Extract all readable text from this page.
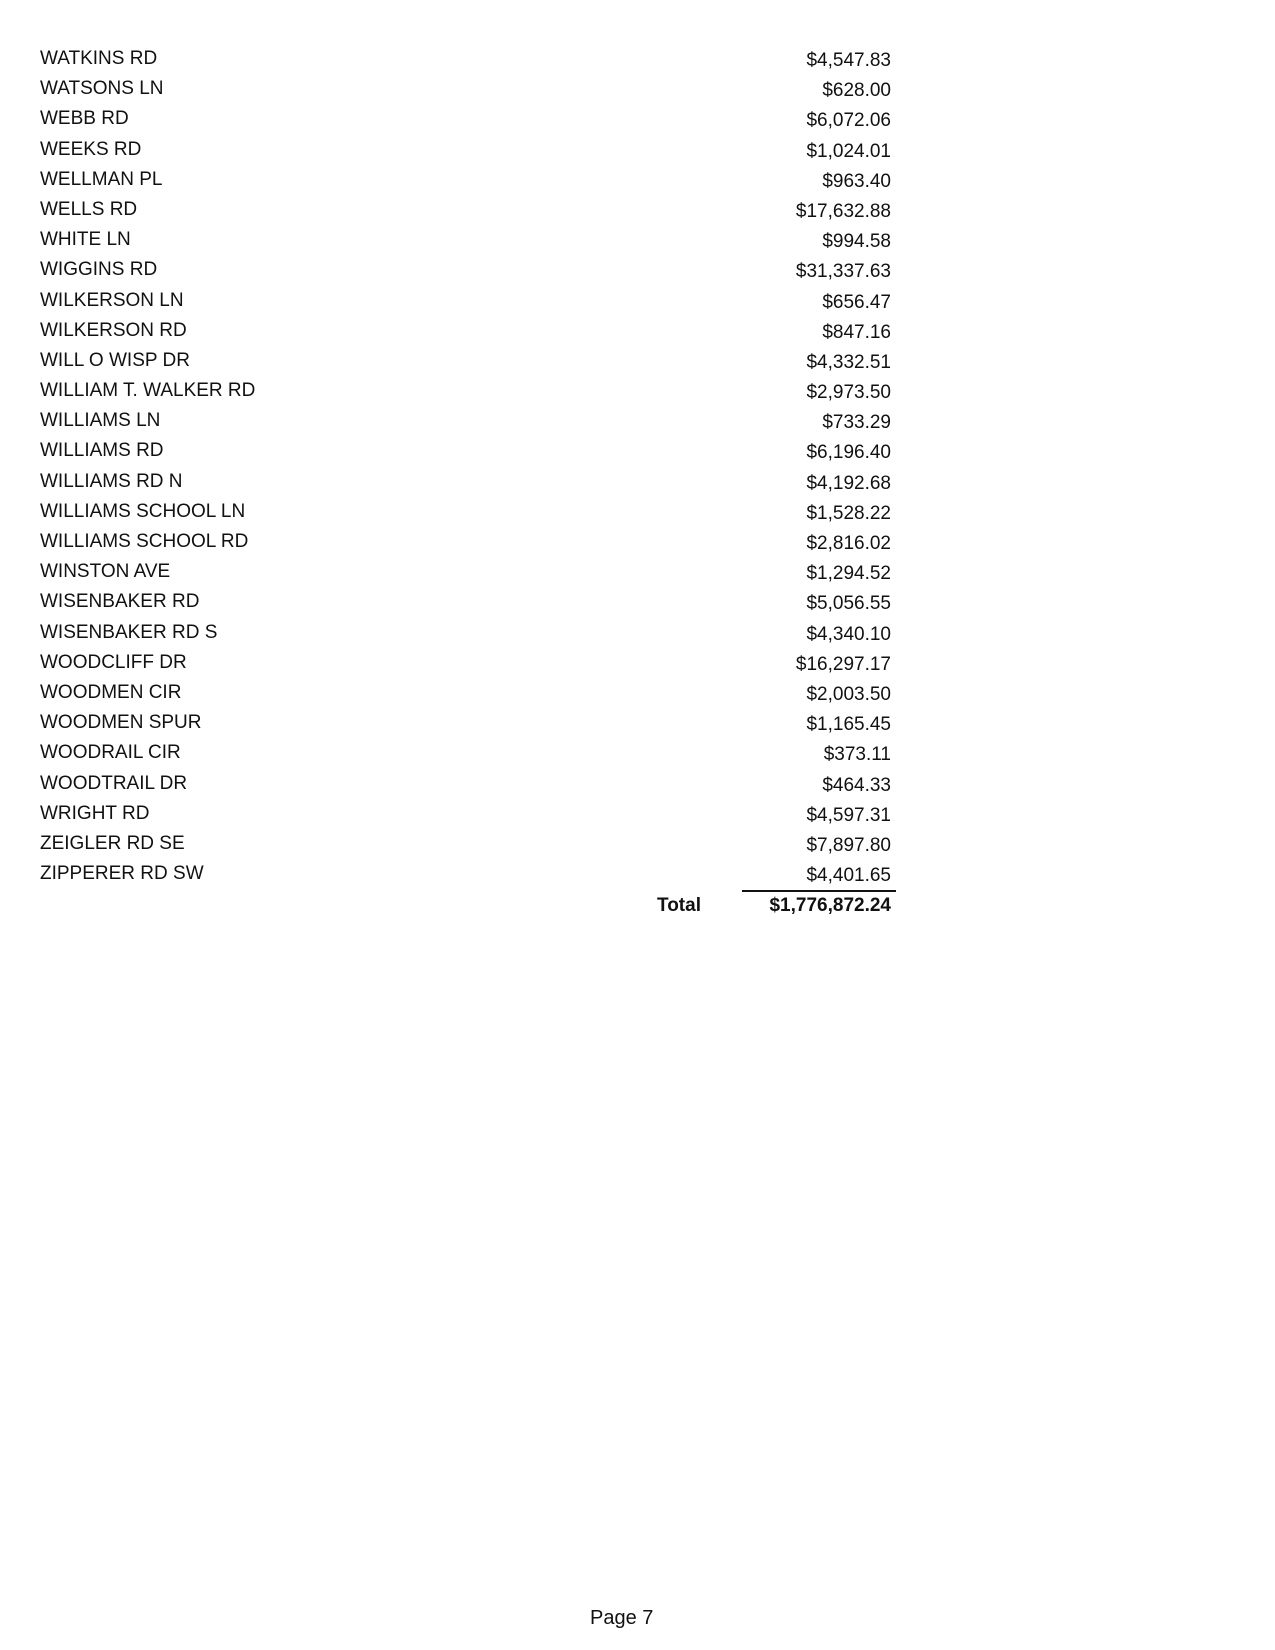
WATKINS RD	$4,547.83
WATSONS LN	$628.00
WEBB RD	$6,072.06
WEEKS RD	$1,024.01
WELLMAN PL	$963.40
WELLS RD	$17,632.88
WHITE LN	$994.58
WIGGINS RD	$31,337.63
WILKERSON LN	$656.47
WILKERSON RD	$847.16
WILL O WISP DR	$4,332.51
WILLIAM T. WALKER RD	$2,973.50
WILLIAMS LN	$733.29
WILLIAMS RD	$6,196.40
WILLIAMS RD N	$4,192.68
WILLIAMS SCHOOL LN	$1,528.22
WILLIAMS SCHOOL RD	$2,816.02
WINSTON AVE	$1,294.52
WISENBAKER RD	$5,056.55
WISENBAKER RD S	$4,340.10
WOODCLIFF DR	$16,297.17
WOODMEN CIR	$2,003.50
WOODMEN SPUR	$1,165.45
WOODRAIL CIR	$373.11
WOODTRAIL DR	$464.33
WRIGHT RD	$4,597.31
ZEIGLER RD SE	$7,897.80
ZIPPERER RD SW	$4,401.65
Total	$1,776,872.24
Page 7
